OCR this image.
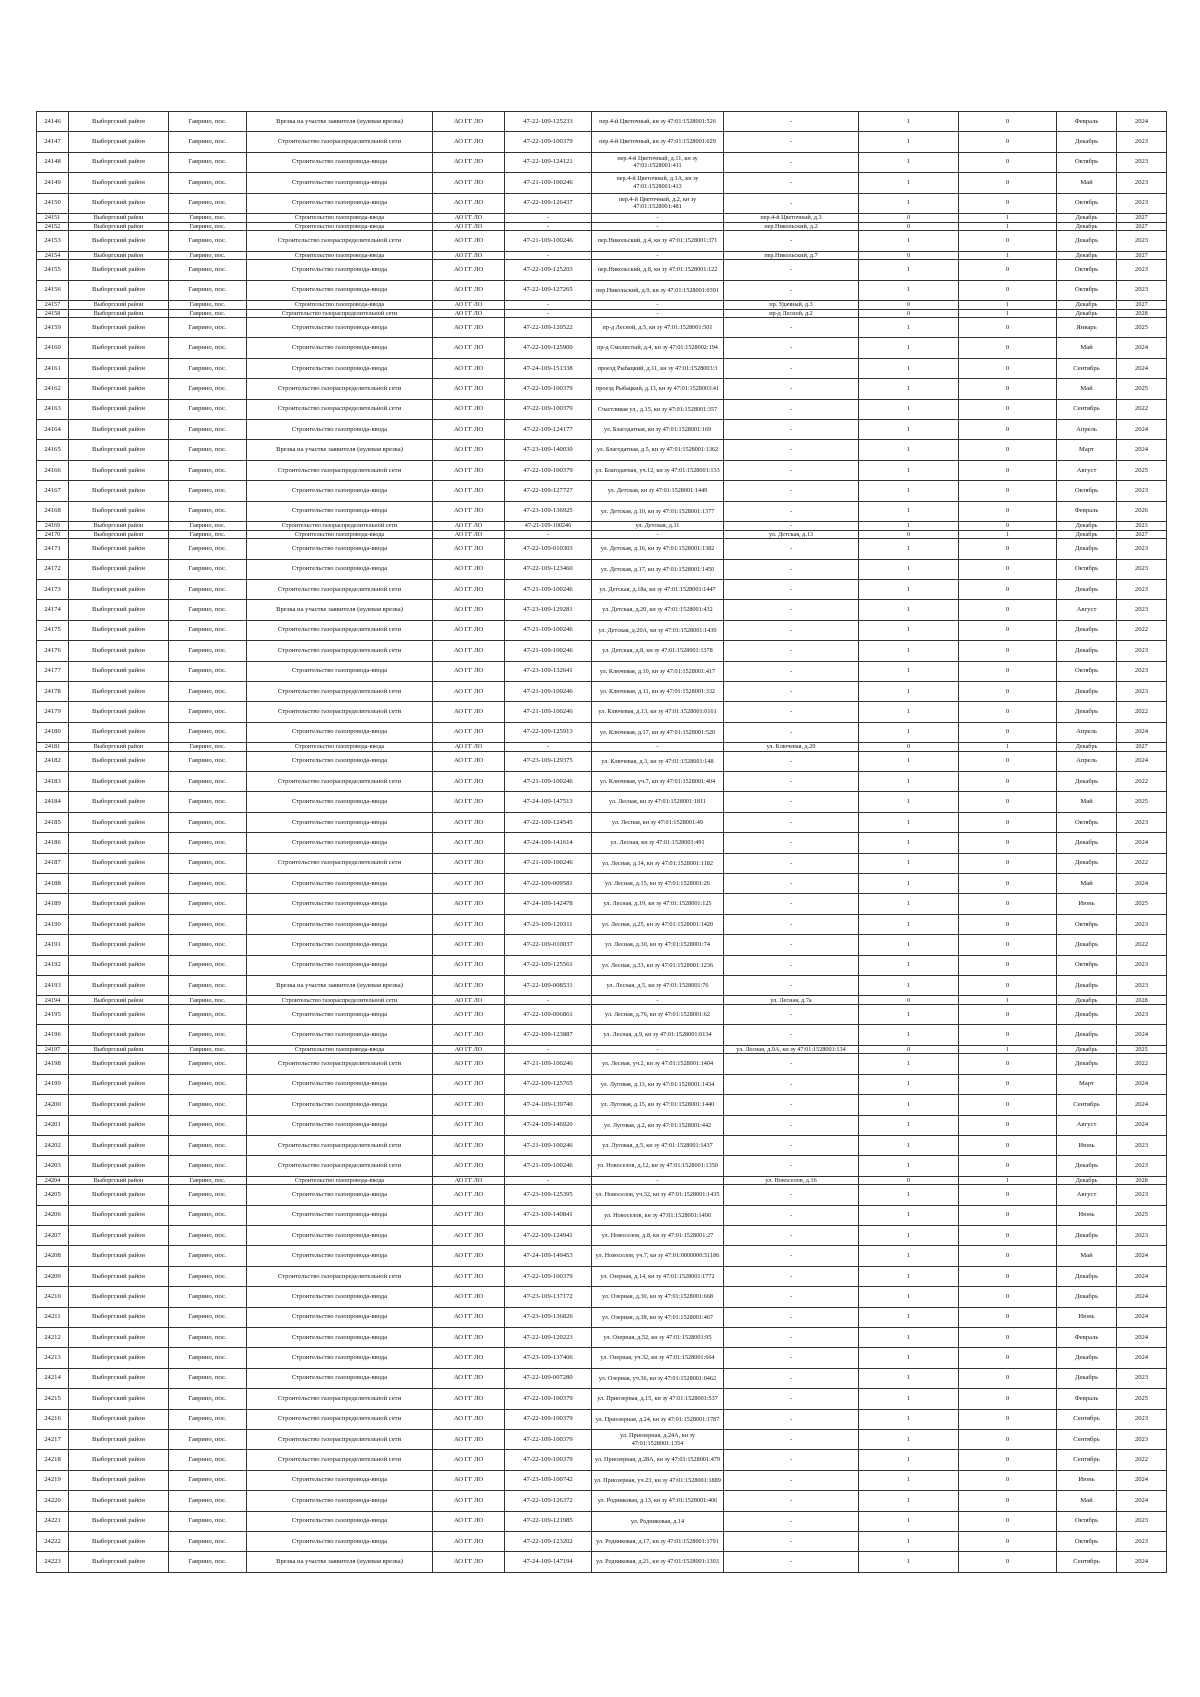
24146	Выборгский район	Гаврино, пос.	Врезка на участке заявителя (нулевая врезка)	АО ГГ ЛО	47-22-109-125233	пер.4-й Цветочный, кн зу 47:01:1528001:526	-	1	0	Февраль	2024
24147	Выборгский район	Гаврино, пос.	Строительство газораспределительной сети	АО ГГ ЛО	47-22-109-100379	пер.4-й Цветочный, кн зу 47:01:1528001:029	-	1	0	Декабрь	2023
24148	Выборгский район	Гаврино, пос.	Строительство газопровода-ввода	АО ГГ ЛО	47-22-109-124121	пер.4-й Цветочный, д.11, кн зу 47:01:1528001:411	-	1	0	Октябрь	2023
24149	Выборгский район	Гаврино, пос.	Строительство газопровода-ввода	АО ГГ ЛО	47-21-109-100246	пер.4-й Цветочный, д.1А, кн зу 47:01:1528001:413	-	1	0	Май	2023
24150	Выборгский район	Гаврино, пос.	Строительство газопровода-ввода	АО ГГ ЛО	47-22-109-126437	пер.4-й Цветочный, д.2, кн зу 47:01:1528001:481	-	1	0	Октябрь	2023
24151	Выборгский район	Гаврино, пос.	Строительство газопровода-ввода	АО ГГ ЛО	-	-	пер.4-й Цветочный, д.3	0	1	Декабрь	2027
24152	Выборгский район	Гаврино, пос.	Строительство газопровода-ввода	АО ГГ ЛО	-	-	пер.Никольский, д.2	0	1	Декабрь	2027
24153	Выборгский район	Гаврино, пос.	Строительство газораспределительной сети	АО ГГ ЛО	47-21-109-100246	пер.Никольский, д.4, кн зу 47:01:1528001:371	-	1	0	Декабрь	2023
24154	Выборгский район	Гаврино, пос.	Строительство газопровода-ввода	АО ГГ ЛО	-	-	пер.Никольский, д.7	0	1	Декабрь	2027
24155	Выборгский район	Гаврино, пос.	Строительство газопровода-ввода	АО ГГ ЛО	47-22-109-125203	пер.Никольский, д.8, кн зу 47:01:1528001:122	-	1	0	Октябрь	2023
24156	Выборгский район	Гаврино, пос.	Строительство газопровода-ввода	АО ГГ ЛО	47-22-109-127265	пер.Никольский, д.9, кн зу 47:01:1528001:0391	-	1	0	Октябрь	2023
24157	Выборгский район	Гаврино, пос.	Строительство газопровода-ввода	АО ГГ ЛО	-	-	пр. Удачный, д.3	0	1	Декабрь	2027
24158	Выборгский район	Гаврино, пос.	Строительство газораспределительной сети	АО ГГ ЛО	-	-	пр-д Лесной, д.2	0	1	Декабрь	2028
24159	Выборгский район	Гаврино, пос.	Строительство газопровода-ввода	АО ГГ ЛО	47-22-109-120522	пр-д Лесной, д.5, кн зу 47:01:1528001:501	-	1	0	Январь	2025
24160	Выборгский район	Гаврино, пос.	Строительство газопровода-ввода	АО ГГ ЛО	47-22-109-125900	пр-д Смолистый, д.4, кн зу 47:01:1528002:194	-	1	0	Май	2024
24161	Выборгский район	Гаврино, пос.	Строительство газопровода-ввода	АО ГГ ЛО	47-24-109-151338	проезд Рыбацкий, д.11, кн зу 47:01:1528003:3	-	1	0	Сентябрь	2024
24162	Выборгский район	Гаврино, пос.	Строительство газораспределительной сети	АО ГГ ЛО	47-22-109-100379	проезд Рыбацкий, д.13, кн зу 47:01:1528003:41	-	1	0	Май	2025
24163	Выборгский район	Гаврино, пос.	Строительство газораспределительной сети	АО ГГ ЛО	47-22-109-100379	Счастливая ул., д.15, кн зу 47:01:1528001:357	-	1	0	Сентябрь	2022
24164	Выборгский район	Гаврино, пос.	Строительство газопровода-ввода	АО ГГ ЛО	47-22-109-124177	ул. Благодатная, кн зу 47:01:1528001:169	-	1	0	Апрель	2024
24165	Выборгский район	Гаврино, пос.	Врезка на участке заявителя (нулевая врезка)	АО ГГ ЛО	47-23-109-140030	ул. Благодатная, д.5, кн зу 47:01:1528001:1362	-	1	0	Март	2024
24166	Выборгский район	Гаврино, пос.	Строительство газораспределительной сети	АО ГГ ЛО	47-22-109-100379	ул. Благодатная, уч.12, кн зу 47:01:1528001:133	-	1	0	Август	2025
24167	Выборгский район	Гаврино, пос.	Строительство газопровода-ввода	АО ГГ ЛО	47-22-109-127727	ул. Детская, кн зу 47:01:1528001:1449	-	1	0	Октябрь	2023
24168	Выборгский район	Гаврино, пос.	Строительство газопровода-ввода	АО ГГ ЛО	47-23-109-136925	ул. Детская, д.10, кн зу 47:01:1528001:1377	-	1	0	Февраль	2026
24169	Выборгский район	Гаврино, пос.	Строительство газораспределительной сети	АО ГГ ЛО	47-21-109-100246	ул. Детская, д.11	-	1	0	Декабрь	2023
24170	Выборгский район	Гаврино, пос.	Строительство газопровода-ввода	АО ГГ ЛО	-	-	ул. Детская, д.13	0	1	Декабрь	2027
24171	Выборгский район	Гаврино, пос.	Строительство газопровода-ввода	АО ГГ ЛО	47-22-109-010303	ул. Детская, д.16, кн зу 47:01:1528001:1382	-	1	0	Декабрь	2023
24172	Выборгский район	Гаврино, пос.	Строительство газопровода-ввода	АО ГГ ЛО	47-22-109-123460	ул. Детская, д.17, кн зу 47:01:1528001:1450	-	1	0	Октябрь	2023
24173	Выборгский район	Гаврино, пос.	Строительство газораспределительной сети	АО ГГ ЛО	47-21-109-100246	ул. Детская, д.18а, кн зу 47:01:1528001:1447	-	1	0	Декабрь	2023
24174	Выборгский район	Гаврино, пос.	Врезка на участке заявителя (нулевая врезка)	АО ГГ ЛО	47-23-109-129281	ул. Детская, д.20, кн зу 47:01:1528001:432	-	1	0	Август	2023
24175	Выборгский район	Гаврино, пос.	Строительство газораспределительной сети	АО ГГ ЛО	47-21-109-100246	ул. Детская, д.20А, кн зу 47:01:1528001:1430	-	1	0	Декабрь	2022
24176	Выборгский район	Гаврино, пос.	Строительство газораспределительной сети	АО ГГ ЛО	47-21-109-100246	ул. Детская, д.8, кн зу 47:01:1528001:1378	-	1	0	Декабрь	2023
24177	Выборгский район	Гаврино, пос.	Строительство газопровода-ввода	АО ГГ ЛО	47-23-109-132641	ул. Ключевая, д.10, кн зу 47:01:1528001:417	-	1	0	Октябрь	2023
24178	Выборгский район	Гаврино, пос.	Строительство газораспределительной сети	АО ГГ ЛО	47-21-109-100246	ул. Ключевая, д.11, кн зу 47:01:1528001:332	-	1	0	Декабрь	2023
24179	Выборгский район	Гаврино, пос.	Строительство газораспределительной сети	АО ГГ ЛО	47-21-109-100246	ул. Ключевая, д.13, кн зу 47:01:1528001:0161	-	1	0	Декабрь	2022
24180	Выборгский район	Гаврино, пос.	Строительство газопровода-ввода	АО ГГ ЛО	47-22-109-125913	ул. Ключевая, д.17, кн зу 47:01:1528001:520	-	1	0	Апрель	2024
24181	Выборгский район	Гаврино, пос.	Строительство газопровода-ввода	АО ГГ ЛО	-	-	ул. Ключевая, д.20	0	1	Декабрь	2027
24182	Выборгский район	Гаврино, пос.	Строительство газопровода-ввода	АО ГГ ЛО	47-23-109-129375	ул. Ключевая, д.3, кн зу 47:01:1528001:148	-	1	0	Апрель	2024
24183	Выборгский район	Гаврино, пос.	Строительство газораспределительной сети	АО ГГ ЛО	47-21-109-100246	ул. Ключевая, уч.7, кн зу 47:01:1528001:404	-	1	0	Декабрь	2022
24184	Выборгский район	Гаврино, пос.	Строительство газопровода-ввода	АО ГГ ЛО	47-24-109-147513	ул. Лесная, кн зу 47:01:1528001:1811	-	1	0	Май	2025
24185	Выборгский район	Гаврино, пос.	Строительство газопровода-ввода	АО ГГ ЛО	47-22-109-124545	ул. Лесная, кн зу 47:01:1528001:49	-	1	0	Октябрь	2023
24186	Выборгский район	Гаврино, пос.	Строительство газопровода-ввода	АО ГГ ЛО	47-24-109-141614	ул. Лесная, кн зу 47:01:1528001:491	-	1	0	Декабрь	2024
24187	Выборгский район	Гаврино, пос.	Строительство газораспределительной сети	АО ГГ ЛО	47-21-109-100246	ул. Лесная, д.14, кн зу 47:01:1528001:1182	-	1	0	Декабрь	2022
24188	Выборгский район	Гаврино, пос.	Строительство газопровода-ввода	АО ГГ ЛО	47-22-109-009581	ул. Лесная, д.15, кн зу 47:01:1528001:26	-	1	0	Май	2024
24189	Выборгский район	Гаврино, пос.	Строительство газопровода-ввода	АО ГГ ЛО	47-24-109-142478	ул. Лесная, д.19, кн зу 47:01:1528001:125	-	1	0	Июнь	2025
24190	Выборгский район	Гаврино, пос.	Строительство газопровода-ввода	АО ГГ ЛО	47-23-109-129311	ул. Лесная, д.25, кн зу 47:01:1528001:1420	-	1	0	Октябрь	2023
24191	Выборгский район	Гаврино, пос.	Строительство газопровода-ввода	АО ГГ ЛО	47-22-109-010037	ул. Лесная, д.30, кн зу 47:01:1528001:74	-	1	0	Декабрь	2022
24192	Выборгский район	Гаврино, пос.	Строительство газопровода-ввода	АО ГГ ЛО	47-22-109-125561	ул. Лесная, д.33, кн зу 47:01:1528001:1236	-	1	0	Октябрь	2023
24193	Выборгский район	Гаврино, пос.	Врезка на участке заявителя (нулевая врезка)	АО ГГ ЛО	47-22-109-008531	ул. Лесная, д.5, кн зу 47:01:1528001:76	-	1	0	Декабрь	2023
24194	Выборгский район	Гаврино, пос.	Строительство газораспределительной сети	АО ГГ ЛО	-	-	ул. Лесная, д.7а	0	1	Декабрь	2028
24195	Выборгский район	Гаврино, пос.	Строительство газопровода-ввода	АО ГГ ЛО	47-22-109-006861	ул. Лесная, д.76, кн зу 47:01:1528001:62	-	1	0	Декабрь	2023
24196	Выборгский район	Гаврино, пос.	Строительство газопровода-ввода	АО ГГ ЛО	47-22-109-123887	ул. Лесная, д.9, кн зу 47:01:1528001:0134	-	1	0	Декабрь	2024
24197	Выборгский район	Гаврино, пос.	Строительство газопровода-ввода	АО ГГ ЛО	-	-	ул. Лесная, д.9А, кн зу 47:01:1528001:134	0	1	Декабрь	2025
24198	Выборгский район	Гаврино, пос.	Строительство газораспределительной сети	АО ГГ ЛО	47-21-109-100246	ул. Лесная, уч.2, кн зу 47:01:1528001:1404	-	1	0	Декабрь	2022
24199	Выборгский район	Гаврино, пос.	Строительство газопровода-ввода	АО ГГ ЛО	47-22-109-125765	ул. Луговая, д.13, кн зу 47:01:1528001:1434	-	1	0	Март	2024
24200	Выборгский район	Гаврино, пос.	Строительство газопровода-ввода	АО ГГ ЛО	47-24-109-139740	ул. Луговая, д.15, кн зу 47:01:1528001:1440	-	1	0	Сентябрь	2024
24201	Выборгский район	Гаврино, пос.	Строительство газопровода-ввода	АО ГГ ЛО	47-24-109-146920	ул. Луговая, д.2, кн зу 47:01:1528001:442	-	1	0	Август	2024
24202	Выборгский район	Гаврино, пос.	Строительство газораспределительной сети	АО ГГ ЛО	47-21-109-100246	ул. Луговая, д.5, кн зу 47:01:1528001:1437	-	1	0	Июнь	2023
24203	Выборгский район	Гаврино, пос.	Строительство газораспределительной сети	АО ГГ ЛО	47-21-109-100246	ул. Новоселов, д.12, кн зу 47:01:1528001:1350	-	1	0	Декабрь	2023
24204	Выборгский район	Гаврино, пос.	Строительство газопровода-ввода	АО ГГ ЛО	-	-	ул. Новоселов, д.16	0	1	Декабрь	2028
24205	Выборгский район	Гаврино, пос.	Строительство газопровода-ввода	АО ГГ ЛО	47-23-109-125395	ул. Новоселов, уч.32, кн зу 47:01:1528001:1435	-	1	0	Август	2023
24206	Выборгский район	Гаврино, пос.	Строительство газопровода-ввода	АО ГГ ЛО	47-23-109-140841	ул. Новоселов, кн зу 47:01:1528001:1490	-	1	0	Июнь	2025
24207	Выборгский район	Гаврино, пос.	Строительство газопровода-ввода	АО ГГ ЛО	47-22-109-124941	ул. Новоселов, д.8, кн зу 47:01:1528001:27	-	1	0	Декабрь	2023
24208	Выборгский район	Гаврино, пос.	Строительство газопровода-ввода	АО ГГ ЛО	47-24-109-149453	ул. Новоселов, уч.7, кн зу 47:01:0000000:51186	-	1	0	Май	2024
24209	Выборгский район	Гаврино, пос.	Строительство газораспределительной сети	АО ГГ ЛО	47-22-109-100379	ул. Озерная, д.14, кн зу 47:01:1528001:1772	-	1	0	Декабрь	2024
24210	Выборгский район	Гаврино, пос.	Строительство газопровода-ввода	АО ГГ ЛО	47-23-109-137172	ул. Озерная, д.30, кн зу 47:01:1528001:668	-	1	0	Декабрь	2024
24211	Выборгский район	Гаврино, пос.	Строительство газопровода-ввода	АО ГГ ЛО	47-23-109-136826	ул. Озерная, д.38, кн зу 47:01:1528001:467	-	1	0	Июнь	2024
24212	Выборгский район	Гаврино, пос.	Строительство газопровода-ввода	АО ГГ ЛО	47-22-109-120223	ул. Озерная, д.52, кн зу 47:01:1528001:95	-	1	0	Февраль	2024
24213	Выборгский район	Гаврино, пос.	Строительство газопровода-ввода	АО ГГ ЛО	47-23-109-137406	ул. Озерная, уч.32, кн зу 47:01:1528001:664	-	1	0	Декабрь	2024
24214	Выборгский район	Гаврино, пос.	Строительство газопровода-ввода	АО ГГ ЛО	47-22-109-007280	ул. Озерная, уч.36, кн зу 47:01:1528001:0462	-	1	0	Декабрь	2023
24215	Выборгский район	Гаврино, пос.	Строительство газораспределительной сети	АО ГГ ЛО	47-22-109-100379	ул. Приозерная, д.15, кн зу 47:01:1528001:537	-	1	0	Февраль	2025
24216	Выборгский район	Гаврино, пос.	Строительство газораспределительной сети	АО ГГ ЛО	47-22-109-100379	ул. Приозерная, д.24, кн зу 47:01:1528001:1787	-	1	0	Сентябрь	2023
24217	Выборгский район	Гаврино, пос.	Строительство газораспределительной сети	АО ГГ ЛО	47-22-109-100379	ул. Приозерная, д.24А, кн зу 47:01:1528001:1354	-	1	0	Сентябрь	2023
24218	Выборгский район	Гаврино, пос.	Строительство газораспределительной сети	АО ГГ ЛО	47-22-109-100379	ул. Приозерная, д.28А, кн зу 47:01:1528001:479	-	1	0	Сентябрь	2022
24219	Выборгский район	Гаврино, пос.	Строительство газопровода-ввода	АО ГГ ЛО	47-23-109-100742	ул. Приозерная, уч.23, кн зу 47:01:1528001:1889	-	1	0	Июнь	2024
24220	Выборгский район	Гаврино, пос.	Строительство газопровода-ввода	АО ГГ ЛО	47-22-109-126372	ул. Родниковая, д.13, кн зу 47:01:1528001:406	-	1	0	Май	2024
24221	Выборгский район	Гаврино, пос.	Строительство газопровода-ввода	АО ГГ ЛО	47-22-109-121985	ул. Родниковая, д.14	-	1	0	Октябрь	2023
24222	Выборгский район	Гаврино, пос.	Строительство газопровода-ввода	АО ГГ ЛО	47-22-109-123202	ул. Родниковая, д.17, кн зу 47:01:1528001:1791	-	1	0	Октябрь	2023
24223	Выборгский район	Гаврино, пос.	Врезка на участке заявителя (нулевая врезка)	АО ГГ ЛО	47-24-109-147194	ул. Родниковая, д.21, кн зу 47:01:1528001:1303	-	1	0	Сентябрь	2024
